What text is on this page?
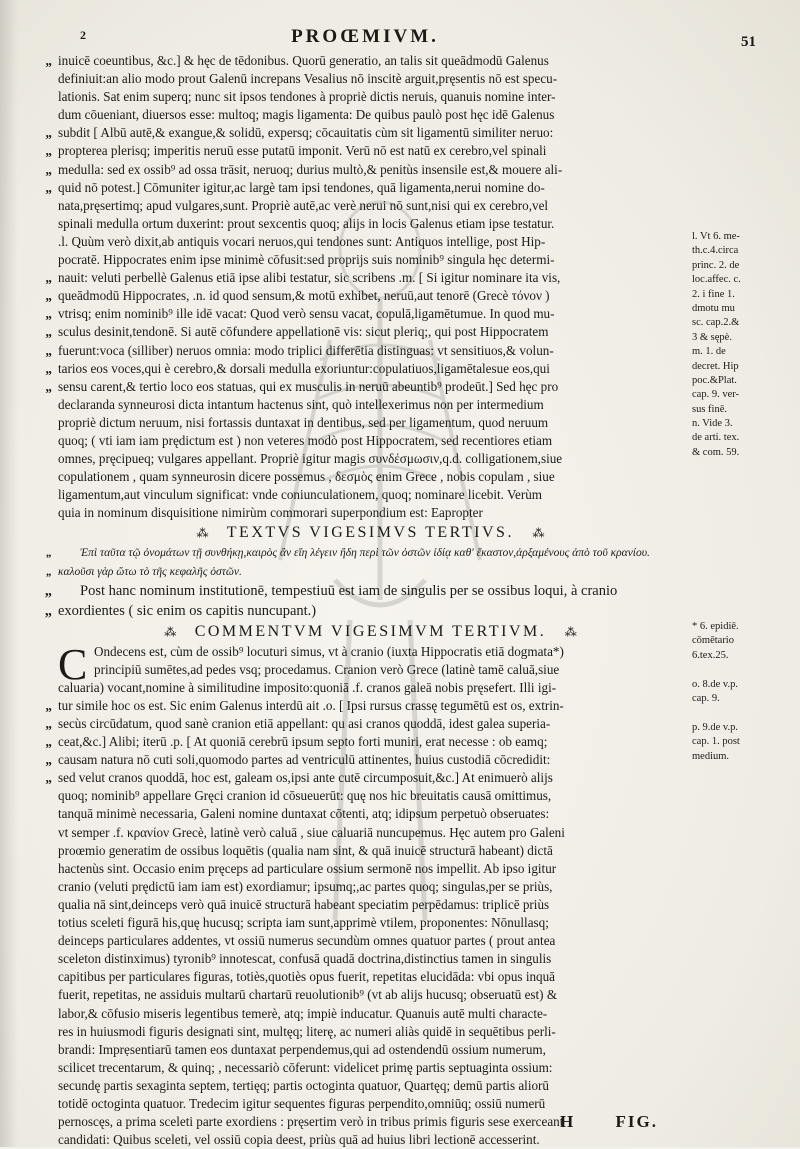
2	PROŒMIVM.	51
„ inuicē coeuntibus, &c.] & hęc de tēdonibus. Quorū generatio, an talis sit queādmodū Galenus
definiuit:an alio modo prout Galenū increpans Vesalius nō inscitè arguit,pręsentis nō est specu-
lationis. Sat enim superq; nunc sit ipsos tendones à propriè dictis neruis, quanuis nomine inter-
dum cōueniant, diuersos esse: multoq; magis ligamenta: De quibus paulò post hęc idē Galenus
„ subdit [ Albū autē,& exangue,& solidū, expersq; cōcauitatis cùm sit ligamentū similiter neruo:
„ propterea plerisq; imperitis neruū esse putatū imponit. Verū nō est natū ex cerebro,vel spinali
„ medulla: sed ex ossib⁹ ad ossa trāsit, neruoq; durius multò,& penitùs insensile est,& mouere ali-
„ quid nō potest.] Cōmuniter igitur,ac largè tam ipsi tendones, quā ligamenta,nerui nomine do-
nata,pręsertimq; apud vulgares,sunt. Propriè autē,ac verè nerui nō sunt,nisi qui ex cerebro,vel
spinali medulla ortum duxerint: prout sexcentis quoq; alijs in locis Galenus etiam ipse testatur.
.l. Quùm verò dixit,ab antiquis vocari neruos,qui tendones sunt: Antiquos intellige, post Hip-
pocratē. Hippocrates enim ipse minimè cōfusit:sed proprijs suis nominib⁹ singula hęc determi-
„ nauit: veluti perbellè Galenus etiā ipse alibi testatur, sic scribens .m. [ Si igitur nominare ita vis,
„ queādmodū Hippocrates, .n. id quod sensum,& motū exhibet, neruū,aut tenorē (Grecè τόνον )
„ vtrisq; enim nominib⁹ ille idē vacat: Quod verò sensu vacat, copulā,ligamētumue. In quod mu-
„ sculus desinit,tendonē. Si autē cōfundere appellationē vis: sicut pleriq;, qui post Hippocratem
„ fuerunt:voca (silliber) neruos omnia: modo triplici differētia distinguas: vt sensitiuos,& volun-
„ tarios eos voces,qui è cerebro,& dorsali medulla exoriuntur:copulatiuos,ligamētalesue eos,qui
„ sensu carent,& tertio loco eos statuas, qui ex musculis in neruū abeuntib⁹ prodeūt.] Sed hęc pro
declaranda synneurosi dicta intantum hactenus sint, quò intellexerimus non per intermedium
propriè dictum neruum, nisi fortassis duntaxat in dentibus, sed per ligamentum, quod neruum
quoq; ( vti iam iam prędictum est ) non veteres modò post Hippocratem, sed recentiores etiam
omnes, pręcipueq; vulgares appellant. Propriè igitur magis συνδέσμωσιν,q.d. colligationem,siue
copulationem , quam synneurosin dicere possemus , δεσμὸς enim Grece , nobis copulam , siue
ligamentum,aut vinculum significat: vnde coniunculationem, quoq; nominare licebit. Verùm
quia in nominum disquisitione nimirùm commorari superpondium est: Eapropter
⁂ TEXTVS VIGESIMVS TERTIVS. ⁂
„ Ἐπὶ ταῦτα τῷ ὀνομάτων τῇ συνθήκῃ,καιρὸς ἂν εἴη λέγειν ἤδη περὶ τῶν ὀστῶν ἰδίᾳ καθ' ἕκαστον,ἀρξαμένους ἀπὸ τοῦ κρανίου.
„ καλοῦσι γὰρ ὥτω τὸ τῆς κεφαλῆς ὀστῶν.
„ Post hanc nominum institutionē, tempestiuū est iam de singulis per se ossibus loqui, à cranio
„ exordientes ( sic enim os capitis nuncupant.)
⁂ COMMENTVM VIGESIMVM TERTIVM. ⁂
C Ondecens est, cùm de ossib⁹ locuturi simus, vt à cranio (iuxta Hippocratis etiā dogmata*)
principiū sumētes,ad pedes vsq; procedamus. Cranion verò Grece (latinè tamē caluā,siue
caluaria) vocant,nomine à similitudine imposito:quoniā .f. cranos galeā nobis pręsefert. Illi igi-
„ tur simile hoc os est. Sic enim Galenus interdū ait .o. [ Ipsi rursus crassę tegumētū est os, extrin-
„ secùs circūdatum, quod sanè cranion etiā appellant: qu asi cranos quoddā, idest galea superia-
„ ceat,&c.] Alibi; iterū .p. [ At quoniā cerebrū ipsum septo forti muniri, erat necesse : ob eamq;
„ causam natura nō cuti soli,quomodo partes ad ventriculū attinentes, huius custodiā cōcredidit:
„ sed velut cranos quoddā, hoc est, galeam os,ipsi ante cutē circumposuit,&c.] At enimuerò alijs
quoq; nominib⁹ appellare Gręci cranion id cōsueuerūt: quę nos hic breuitatis causā omittimus,
tanquā minimè necessaria, Galeni nomine duntaxat cōtenti, atq; idipsum perpetuò obseruates:
vt semper .f. κρανίον Grecè, latinè verò caluā , siue caluariā nuncupemus. Hęc autem pro Galeni
proœmio generatim de ossibus loquētis (qualia nam sint, & quā inuicē structurā habeant) dictā
hactenùs sint. Occasio enim pręceps ad particulare ossium sermonē nos impellit. Ab ipso igitur
cranio (veluti prędictū iam iam est) exordiamur; ipsumq;,ac partes quoq; singulas,per se priùs,
qualia nā sint,deinceps verò quā inuicē structurā habeant speciatim perpēdamus: triplicē priùs
totius sceleti figurā his,quę hucusq; scripta iam sunt,apprimè vtilem, proponentes: Nōnullasq;
deinceps particulares addentes, vt ossiū numerus secundùm omnes quatuor partes ( prout antea
sceleton distinximus) tyronib⁹ innotescat, confusā quadā doctrina,distinctius tamen in singulis
capitibus per particulares figuras, totiès,quotiès opus fuerit, repetitas elucidāda: vbi opus inquā
fuerit, repetitas, ne assiduis multarū chartarū reuolutionib⁹ (vt ab alijs hucusq; obseruatū est) &
labor,& cōfusio miseris legentibus temerè, atq; impiè inducatur. Quanuis autē multi characte-
res in huiusmodi figuris designati sint, multęq; literę, ac numeri aliàs quidē in sequētibus perli-
brandi: Imprẹsentiarū tamen eos duntaxat perpendemus,qui ad ostendendū ossium numerum,
scilicet trecentarum, & quinq; , necessariò cōferunt: videlicet primę partis septuaginta ossium:
secundę partis sexaginta septem, tertięq; partis octoginta quatuor, Quartęq; demū partis aliorū
totidē octoginta quatuor. Tredecim igitur sequentes figuras perpendito,omniūq; ossiū numerū
pernoscęs, a prima sceleti parte exordiens : pręsertim verò in tribus primis figuris sese exerceant
candidati: Quibus sceleti, vel ossiū copia deest, priùs quā ad huius libri lectionē accesserint.
l. Vt 6. me-
th.c.4.circa
princ. 2. de
loc.affec. c.
2. i fine 1.
dmotu mu
sc. cap.2.&
3 & sępè.
m. 1. de
decret. Hip
poc.&Plat.
cap. 9. ver-
sus finē.
n. Vide 3.
de arti. tex.
& com. 59.
* 6. epidiē.
cōmētario
6.tex.25.
o. 8.de v.p.
cap. 9.
p. 9.de v.p.
cap. 1. post
medium.
H FIG.
